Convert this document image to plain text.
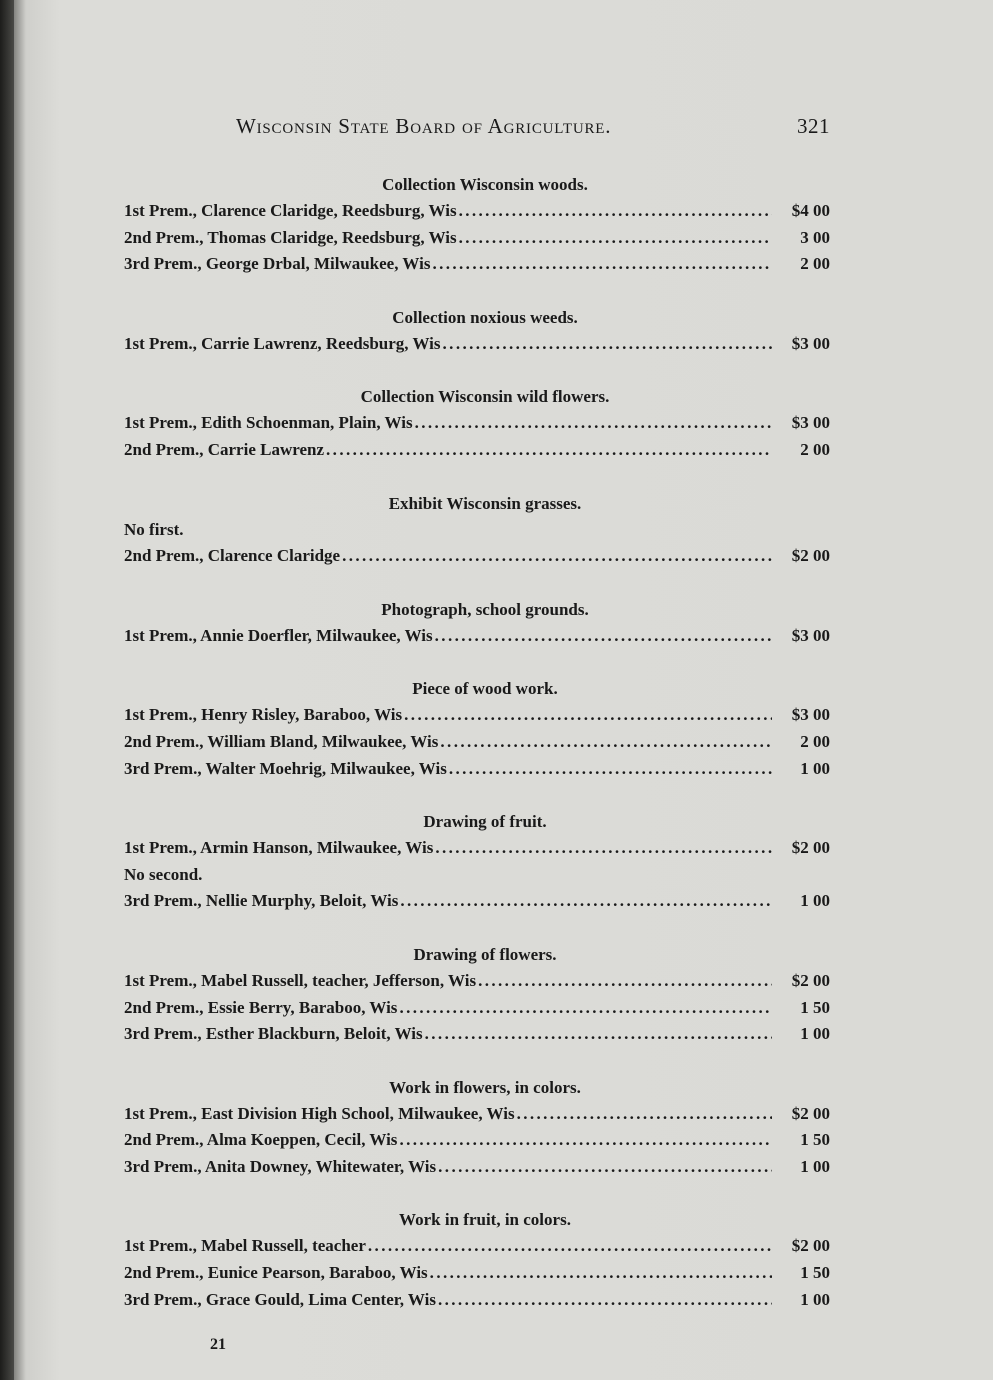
Wisconsin State Board of Agriculture.	321
Collection Wisconsin woods.
1st Prem., Clarence Claridge, Reedsburg, Wis .....	$4 00
2nd Prem., Thomas Claridge, Reedsburg, Wis .....	3 00
3rd Prem., George Drbal, Milwaukee, Wis .....	2 00
Collection noxious weeds.
1st Prem., Carrie Lawrenz, Reedsburg, Wis .....	$3 00
Collection Wisconsin wild flowers.
1st Prem., Edith Schoenman, Plain, Wis .....	$3 00
2nd Prem., Carrie Lawrenz .....	2 00
Exhibit Wisconsin grasses.
No first.
2nd Prem., Clarence Claridge .....	$2 00
Photograph, school grounds.
1st Prem., Annie Doerfler, Milwaukee, Wis .....	$3 00
Piece of wood work.
1st Prem., Henry Risley, Baraboo, Wis .....	$3 00
2nd Prem., William Bland, Milwaukee, Wis .....	2 00
3rd Prem., Walter Moehrig, Milwaukee, Wis .....	1 00
Drawing of fruit.
1st Prem., Armin Hanson, Milwaukee, Wis .....	$2 00
No second.
3rd Prem., Nellie Murphy, Beloit, Wis .....	1 00
Drawing of flowers.
1st Prem., Mabel Russell, teacher, Jefferson, Wis .....	$2 00
2nd Prem., Essie Berry, Baraboo, Wis .....	1 50
3rd Prem., Esther Blackburn, Beloit, Wis .....	1 00
Work in flowers, in colors.
1st Prem., East Division High School, Milwaukee, Wis .....	$2 00
2nd Prem., Alma Koeppen, Cecil, Wis .....	1 50
3rd Prem., Anita Downey, Whitewater, Wis .....	1 00
Work in fruit, in colors.
1st Prem., Mabel Russell, teacher .....	$2 00
2nd Prem., Eunice Pearson, Baraboo, Wis .....	1 50
3rd Prem., Grace Gould, Lima Center, Wis .....	1 00
21
